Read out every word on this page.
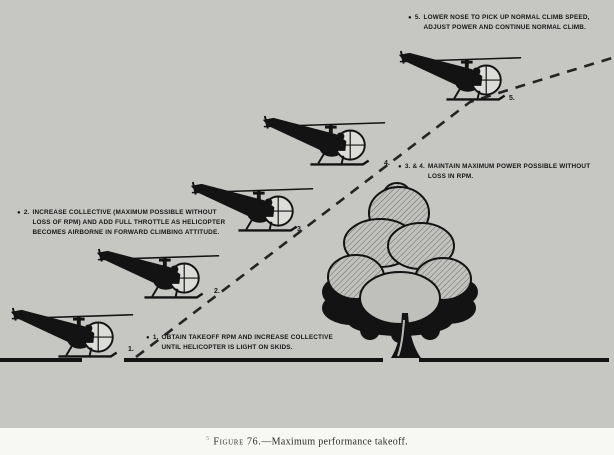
● 1. OBTAIN TAKEOFF RPM AND INCREASE COLLECTIVE UNTIL HELICOPTER IS LIGHT ON SKIDS.
● 2. INCREASE COLLECTIVE (MAXIMUM POSSIBLE WITHOUT LOSS OF RPM) AND ADD FULL THROTTLE AS HELICOPTER BECOMES AIRBORNE IN FORWARD CLIMBING ATTITUDE.
● 3. & 4. MAINTAIN MAXIMUM POWER POSSIBLE WITHOUT LOSS IN RPM.
● 5. LOWER NOSE TO PICK UP NORMAL CLIMB SPEED, ADJUST POWER AND CONTINUE NORMAL CLIMB.
1.
2.
3.
4.
5.
$^5$ Figure 76.—Maximum performance takeoff.
